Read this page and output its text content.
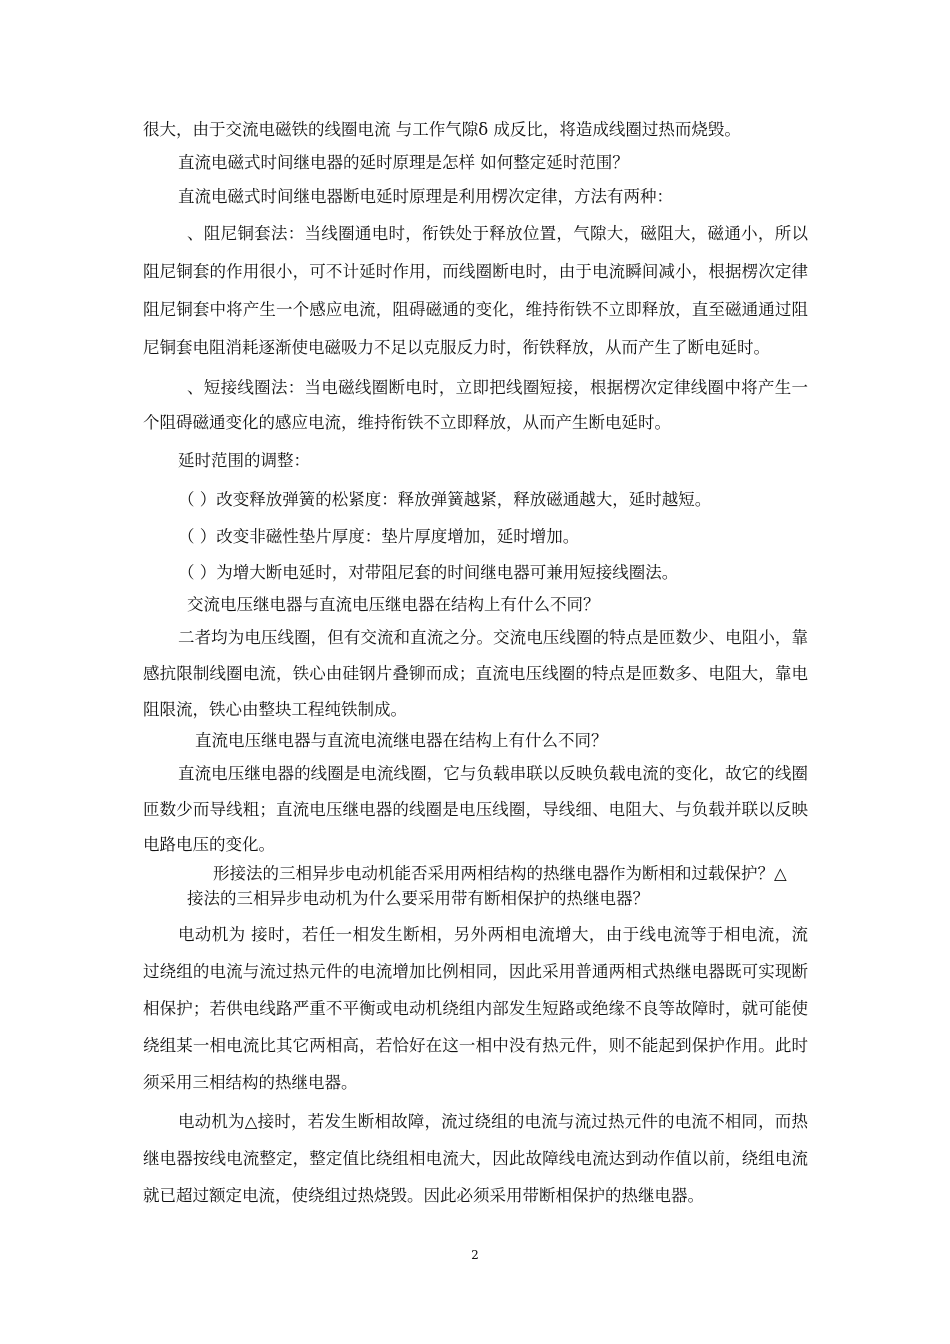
很大，由于交流电磁铁的线圈电流 与工作气隙δ 成反比，将造成线圈过热而烧毁。
直流电磁式时间继电器的延时原理是怎样 如何整定延时范围？
直流电磁式时间继电器断电延时原理是利用楞次定律，方法有两种：
、阻尼铜套法：当线圈通电时，衔铁处于释放位置，气隙大，磁阻大，磁通小，所以
阻尼铜套的作用很小，可不计延时作用，而线圈断电时，由于电流瞬间减小，根据楞次定律
阻尼铜套中将产生一个感应电流，阻碍磁通的变化，维持衔铁不立即释放，直至磁通通过阻
尼铜套电阻消耗逐渐使电磁吸力不足以克服反力时，衔铁释放，从而产生了断电延时。
、短接线圈法：当电磁线圈断电时，立即把线圈短接，根据楞次定律线圈中将产生一
个阻碍磁通变化的感应电流，维持衔铁不立即释放，从而产生断电延时。
延时范围的调整：
（ ）改变释放弹簧的松紧度：释放弹簧越紧，释放磁通越大，延时越短。
（ ）改变非磁性垫片厚度：垫片厚度增加，延时增加。
（ ）为增大断电延时，对带阻尼套的时间继电器可兼用短接线圈法。
交流电压继电器与直流电压继电器在结构上有什么不同？
二者均为电压线圈，但有交流和直流之分。交流电压线圈的特点是匝数少、电阻小，靠
感抗限制线圈电流，铁心由硅钢片叠铆而成；直流电压线圈的特点是匝数多、电阻大，靠电
阻限流，铁心由整块工程纯铁制成。
直流电压继电器与直流电流继电器在结构上有什么不同？
直流电压继电器的线圈是电流线圈，它与负载串联以反映负载电流的变化，故它的线圈
匝数少而导线粗；直流电压继电器的线圈是电压线圈，导线细、电阻大、与负载并联以反映
电路电压的变化。
形接法的三相异步电动机能否采用两相结构的热继电器作为断相和过载保护？△
接法的三相异步电动机为什么要采用带有断相保护的热继电器？
电动机为 接时，若任一相发生断相，另外两相电流增大，由于线电流等于相电流，流
过绕组的电流与流过热元件的电流增加比例相同，因此采用普通两相式热继电器既可实现断
相保护；若供电线路严重不平衡或电动机绕组内部发生短路或绝缘不良等故障时，就可能使
绕组某一相电流比其它两相高，若恰好在这一相中没有热元件，则不能起到保护作用。此时
须采用三相结构的热继电器。
电动机为△接时，若发生断相故障，流过绕组的电流与流过热元件的电流不相同，而热
继电器按线电流整定，整定值比绕组相电流大，因此故障线电流达到动作值以前，绕组电流
就已超过额定电流，使绕组过热烧毁。因此必须采用带断相保护的热继电器。
2
